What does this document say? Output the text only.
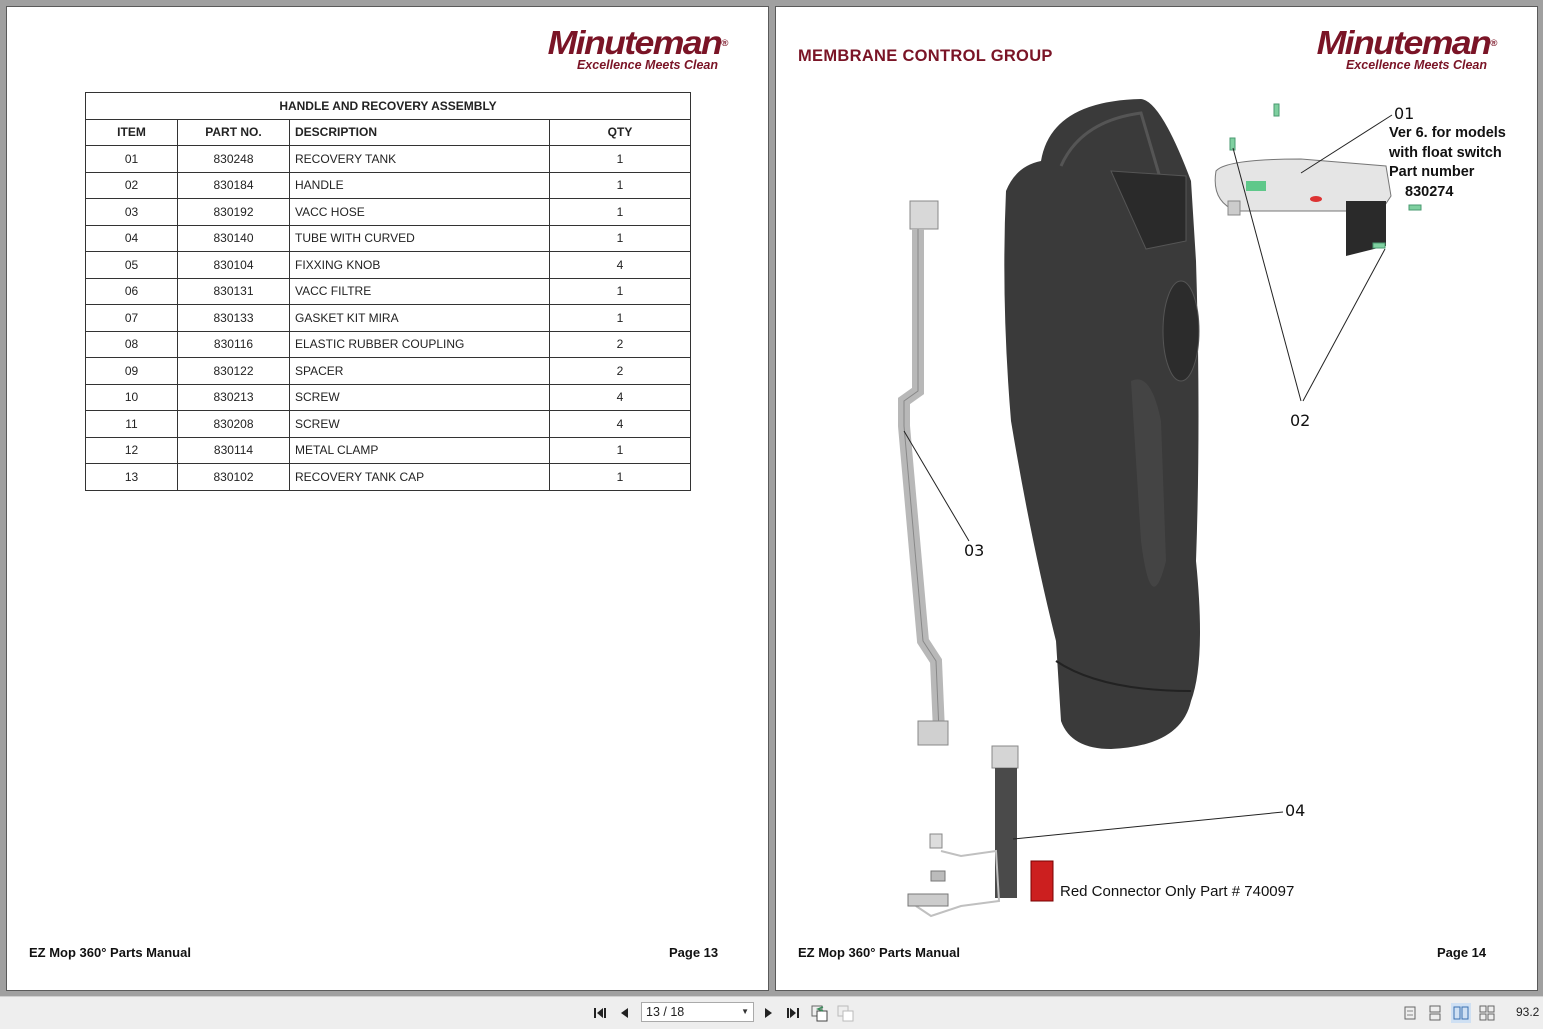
Minuteman®
Excellence Meets Clean
HANDLE AND RECOVERY ASSEMBLY			
ITEM	PART NO.	DESCRIPTION	QTY
01	830248	RECOVERY TANK	1
02	830184	HANDLE	1
03	830192	VACC HOSE	1
04	830140	TUBE WITH CURVED	1
05	830104	FIXXING KNOB	4
06	830131	VACC FILTRE	1
07	830133	GASKET KIT MIRA	1
08	830116	ELASTIC RUBBER COUPLING	2
09	830122	SPACER	2
10	830213	SCREW	4
11	830208	SCREW	4
12	830114	METAL CLAMP	1
13	830102	RECOVERY TANK CAP	1
EZ Mop 360° Parts Manual	Page 13
MEMBRANE CONTROL GROUP	Minuteman®
Excellence Meets Clean
01
Ver 6. for models
with float switch
Part number
830274
02
03
04
Red Connector Only Part # 740097
EZ Mop 360° Parts Manual	Page 14
13 / 18	▼	93.2
